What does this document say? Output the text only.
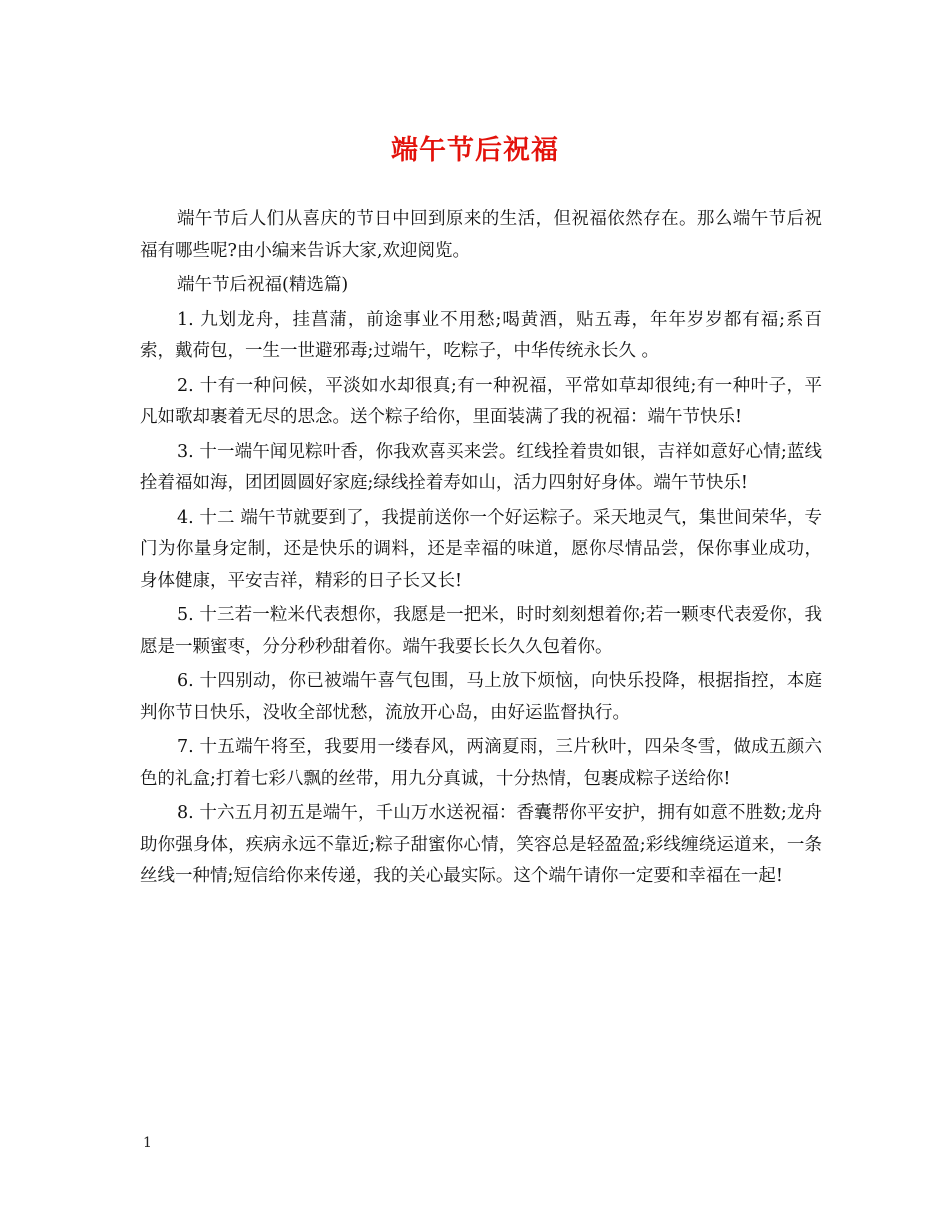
端午节后祝福

端午节后人们从喜庆的节日中回到原来的生活，但祝福依然存在。那么端午节后祝福有哪些呢?由小编来告诉大家,欢迎阅览。

端午节后祝福(精选篇)

1. 九划龙舟，挂菖蒲，前途事业不用愁;喝黄酒，贴五毒，年年岁岁都有福;系百索，戴荷包，一生一世避邪毒;过端午，吃粽子，中华传统永长久 。

2. 十有一种问候，平淡如水却很真;有一种祝福，平常如草却很纯;有一种叶子，平凡如歌却裹着无尽的思念。送个粽子给你，里面装满了我的祝福：端午节快乐!

3. 十一端午闻见粽叶香，你我欢喜买来尝。红线拴着贵如银，吉祥如意好心情;蓝线拴着福如海，团团圆圆好家庭;绿线拴着寿如山，活力四射好身体。端午节快乐!

4. 十二 端午节就要到了，我提前送你一个好运粽子。采天地灵气，集世间荣华，专门为你量身定制，还是快乐的调料，还是幸福的味道，愿你尽情品尝，保你事业成功，身体健康，平安吉祥，精彩的日子长又长!

5. 十三若一粒米代表想你，我愿是一把米，时时刻刻想着你;若一颗枣代表爱你，我愿是一颗蜜枣，分分秒秒甜着你。端午我要长长久久包着你。

6. 十四别动，你已被端午喜气包围，马上放下烦恼，向快乐投降，根据指控，本庭判你节日快乐，没收全部忧愁，流放开心岛，由好运监督执行。

7. 十五端午将至，我要用一缕春风，两滴夏雨，三片秋叶，四朵冬雪，做成五颜六色的礼盒;打着七彩八飘的丝带，用九分真诚，十分热情，包裹成粽子送给你!

8. 十六五月初五是端午，千山万水送祝福：香囊帮你平安护，拥有如意不胜数;龙舟助你强身体，疾病永远不靠近;粽子甜蜜你心情，笑容总是轻盈盈;彩线缠绕运道来，一条丝线一种情;短信给你来传递，我的关心最实际。这个端午请你一定要和幸福在一起!

1
